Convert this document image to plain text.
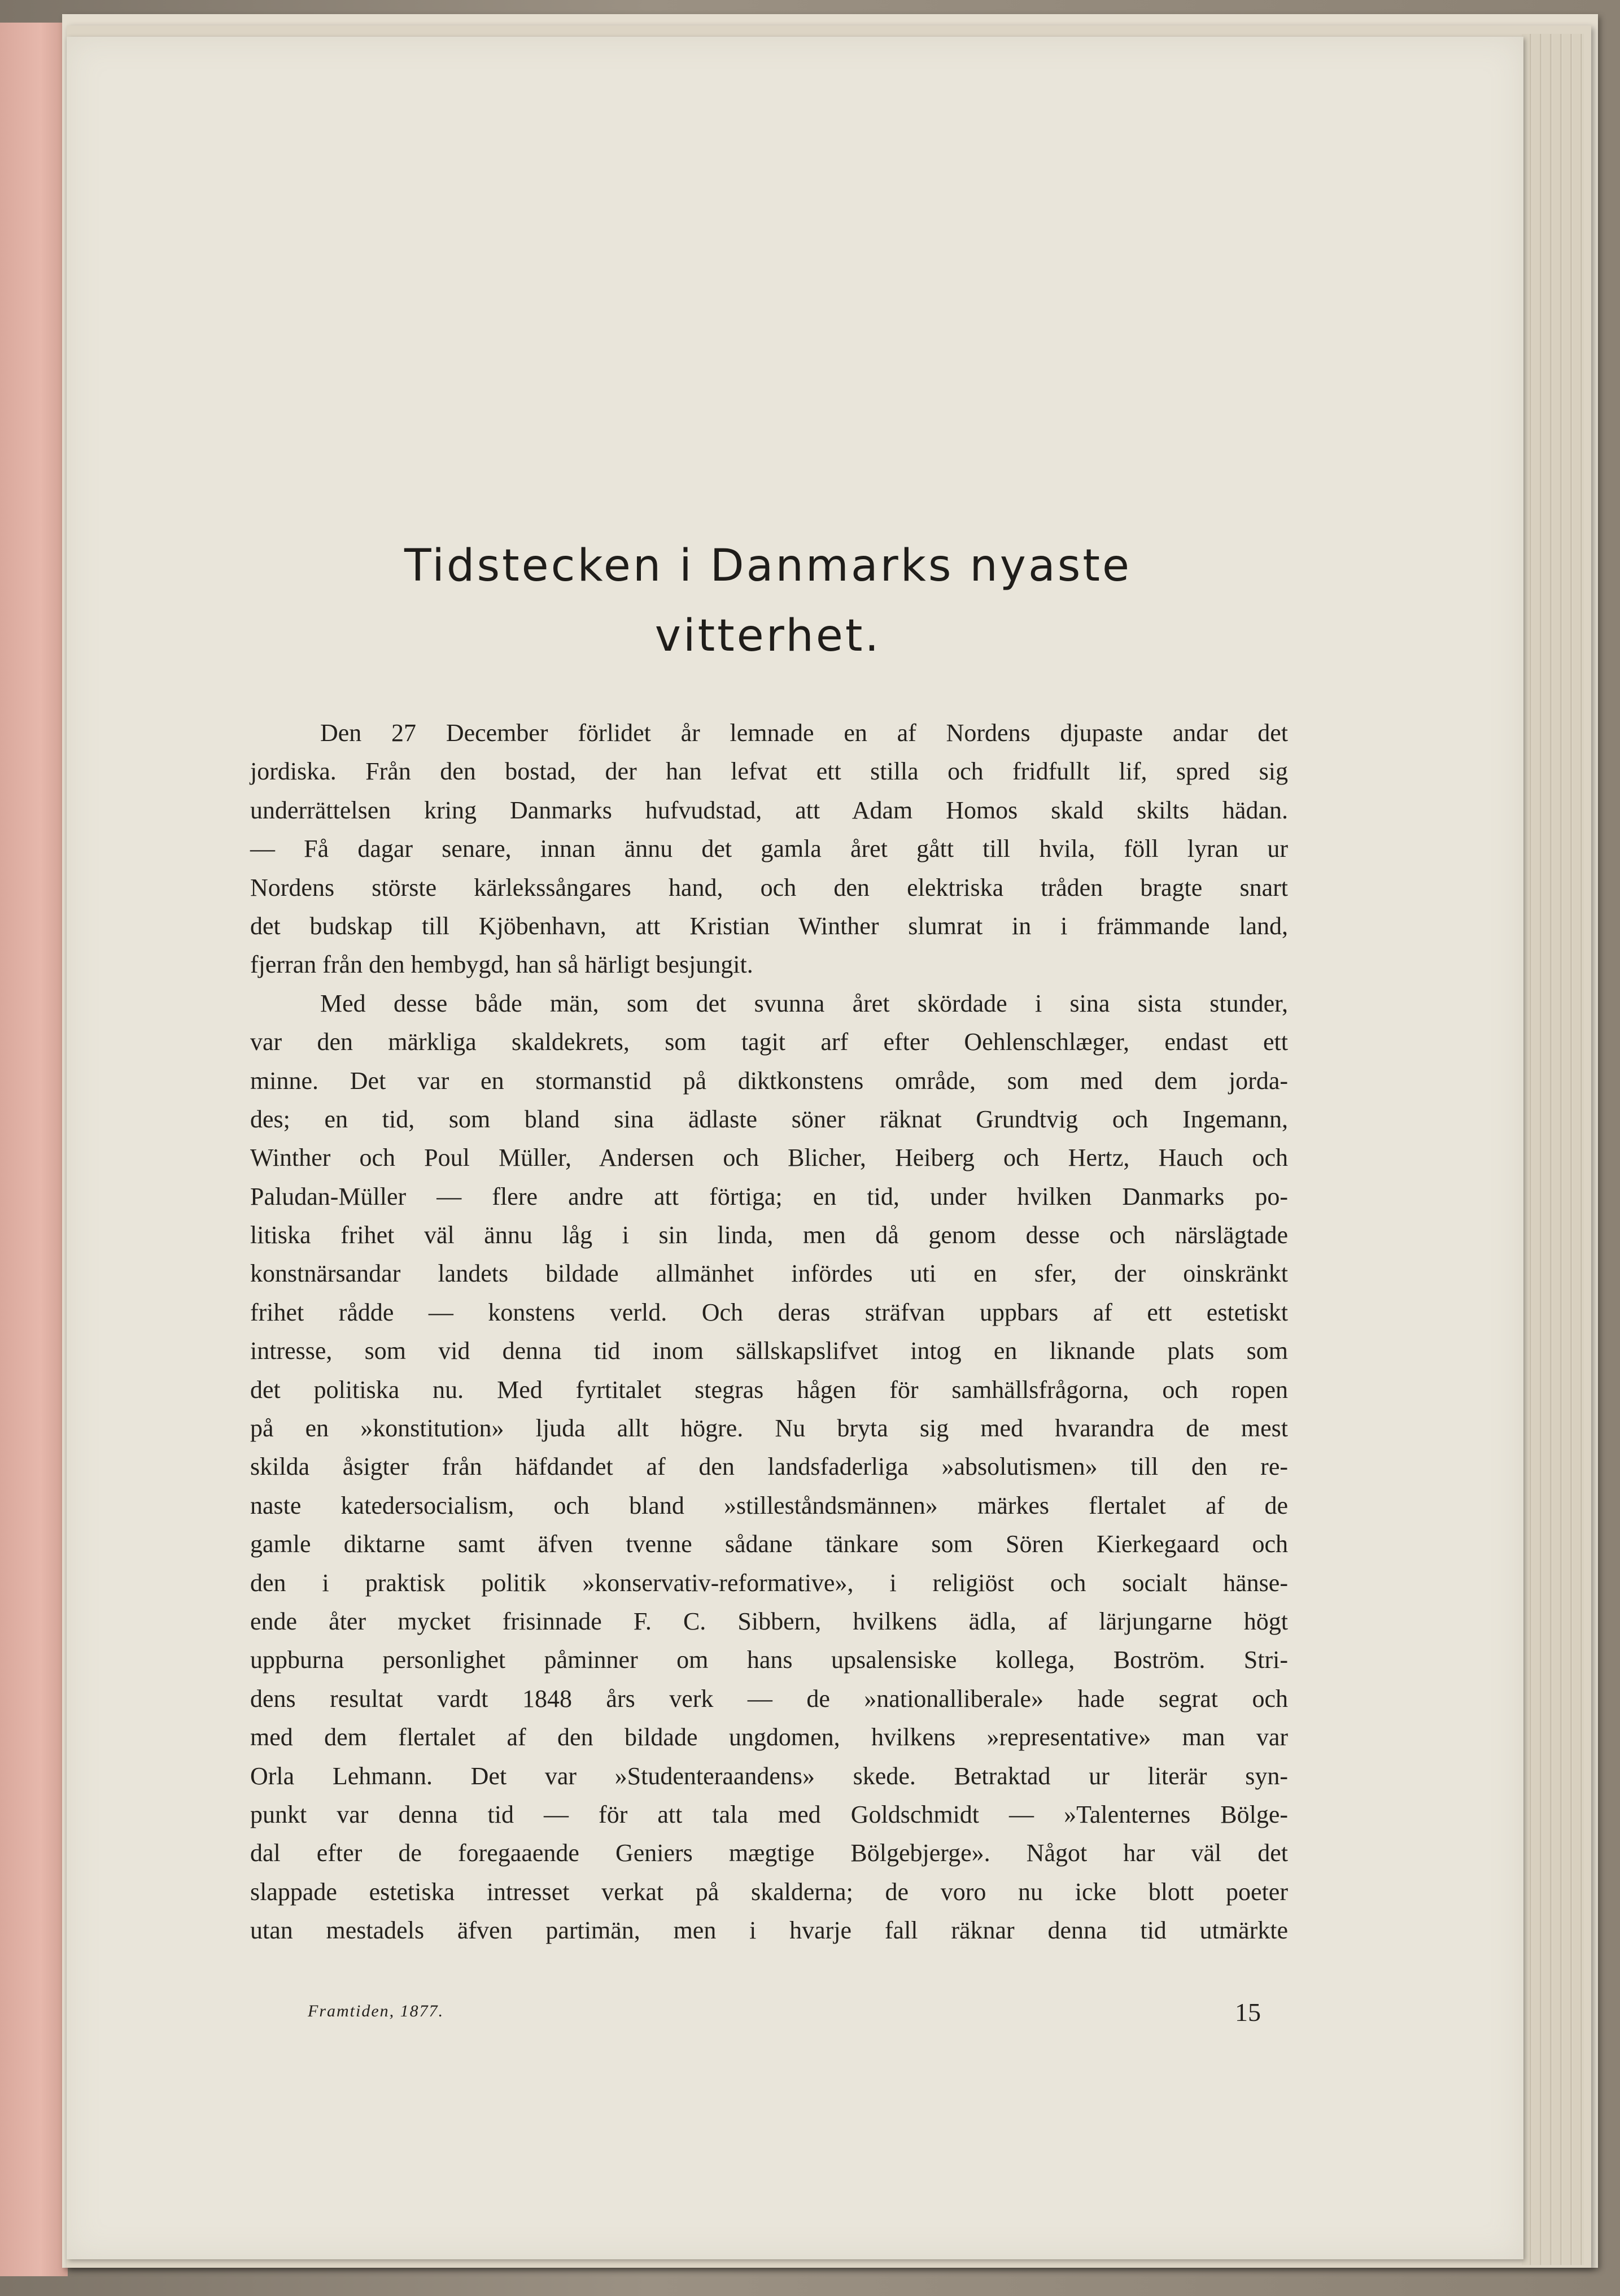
Tidstecken i Danmarks nyaste
vitterhet.
Den 27 December förlidet år lemnade en af Nordens djupaste andar det
jordiska. Från den bostad, der han lefvat ett stilla och fridfullt lif, spred sig
underrättelsen kring Danmarks hufvudstad, att Adam Homos skald skilts hädan.
— Få dagar senare, innan ännu det gamla året gått till hvila, föll lyran ur
Nordens störste kärlekssångares hand, och den elektriska tråden bragte snart
det budskap till Kjöbenhavn, att Kristian Winther slumrat in i främmande land,
fjerran från den hembygd, han så härligt besjungit.
Med desse både män, som det svunna året skördade i sina sista stunder,
var den märkliga skaldekrets, som tagit arf efter Oehlenschlæger, endast ett
minne. Det var en stormanstid på diktkonstens område, som med dem jorda-
des; en tid, som bland sina ädlaste söner räknat Grundtvig och Ingemann,
Winther och Poul Müller, Andersen och Blicher, Heiberg och Hertz, Hauch och
Paludan-Müller — flere andre att förtiga; en tid, under hvilken Danmarks po-
litiska frihet väl ännu låg i sin linda, men då genom desse och närslägtade
konstnärsandar landets bildade allmänhet infördes uti en sfer, der oinskränkt
frihet rådde — konstens verld. Och deras sträfvan uppbars af ett estetiskt
intresse, som vid denna tid inom sällskapslifvet intog en liknande plats som
det politiska nu. Med fyrtitalet stegras hågen för samhällsfrågorna, och ropen
på en »konstitution» ljuda allt högre. Nu bryta sig med hvarandra de mest
skilda åsigter från häfdandet af den landsfaderliga »absolutismen» till den re-
naste katedersocialism, och bland »stilleståndsmännen» märkes flertalet af de
gamle diktarne samt äfven tvenne sådane tänkare som Sören Kierkegaard och
den i praktisk politik »konservativ-reformative», i religiöst och socialt hänse-
ende åter mycket frisinnade F. C. Sibbern, hvilkens ädla, af lärjungarne högt
uppburna personlighet påminner om hans upsalensiske kollega, Boström. Stri-
dens resultat vardt 1848 års verk — de »nationalliberale» hade segrat och
med dem flertalet af den bildade ungdomen, hvilkens »representative» man var
Orla Lehmann. Det var »Studenteraandens» skede. Betraktad ur literär syn-
punkt var denna tid — för att tala med Goldschmidt — »Talenternes Bölge-
dal efter de foregaaende Geniers mægtige Bölgebjerge». Något har väl det
slappade estetiska intresset verkat på skalderna; de voro nu icke blott poeter
utan mestadels äfven partimän, men i hvarje fall räknar denna tid utmärkte
Framtiden, 1877.	15
